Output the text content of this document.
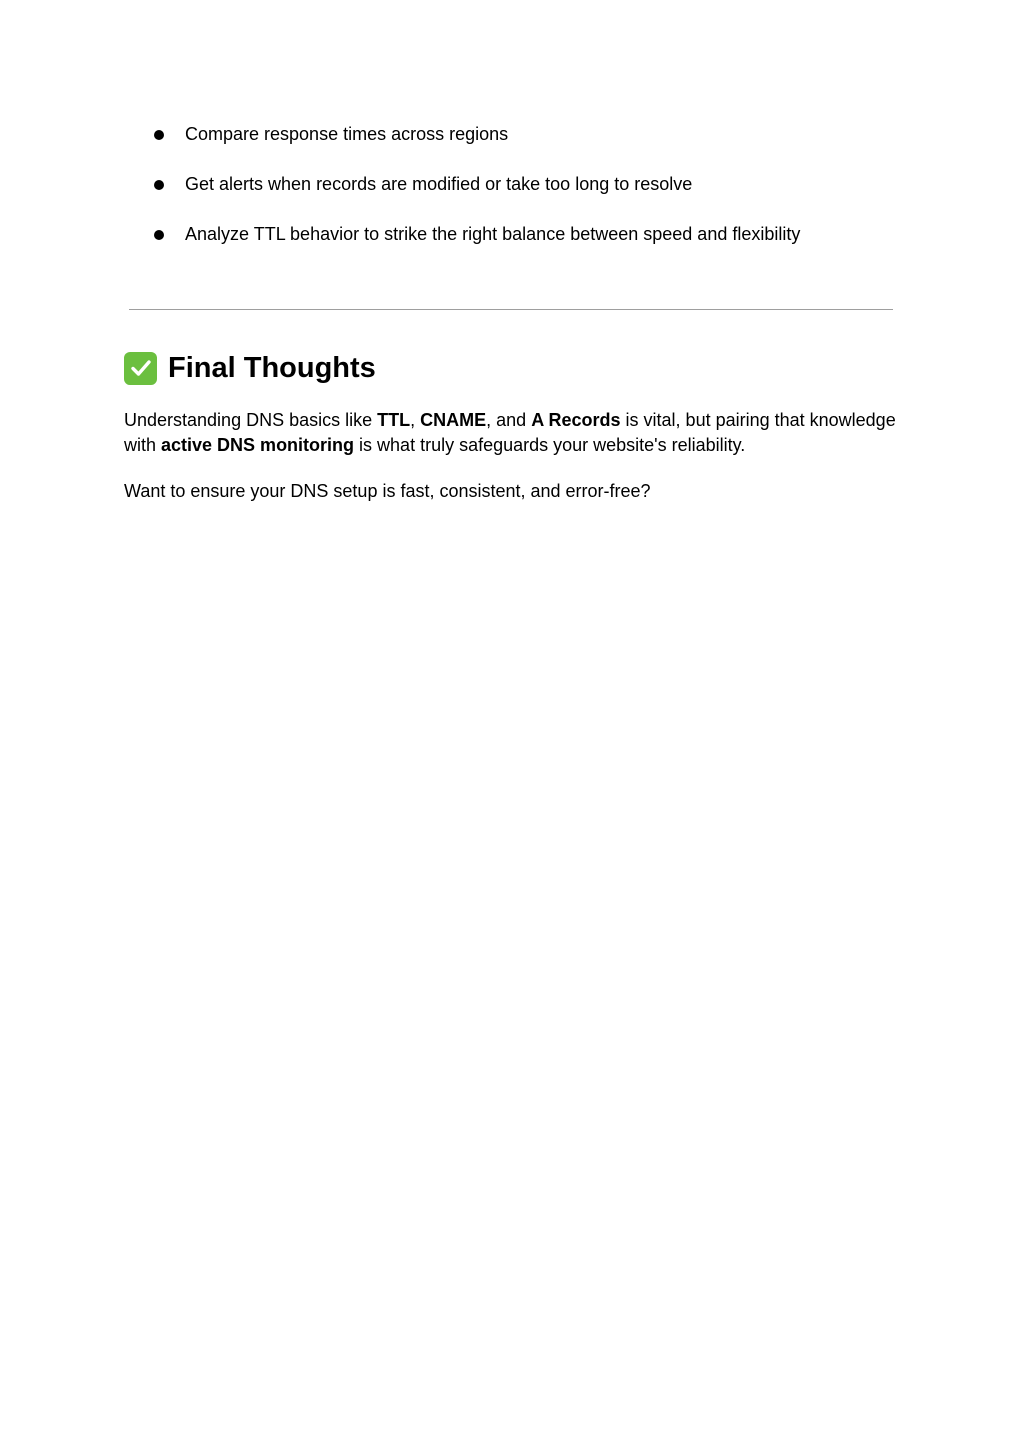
Compare response times across regions
Get alerts when records are modified or take too long to resolve
Analyze TTL behavior to strike the right balance between speed and flexibility
Final Thoughts

Understanding DNS basics like TTL, CNAME, and A Records is vital, but pairing that knowledge with active DNS monitoring is what truly safeguards your website's reliability.

Want to ensure your DNS setup is fast, consistent, and error-free?
